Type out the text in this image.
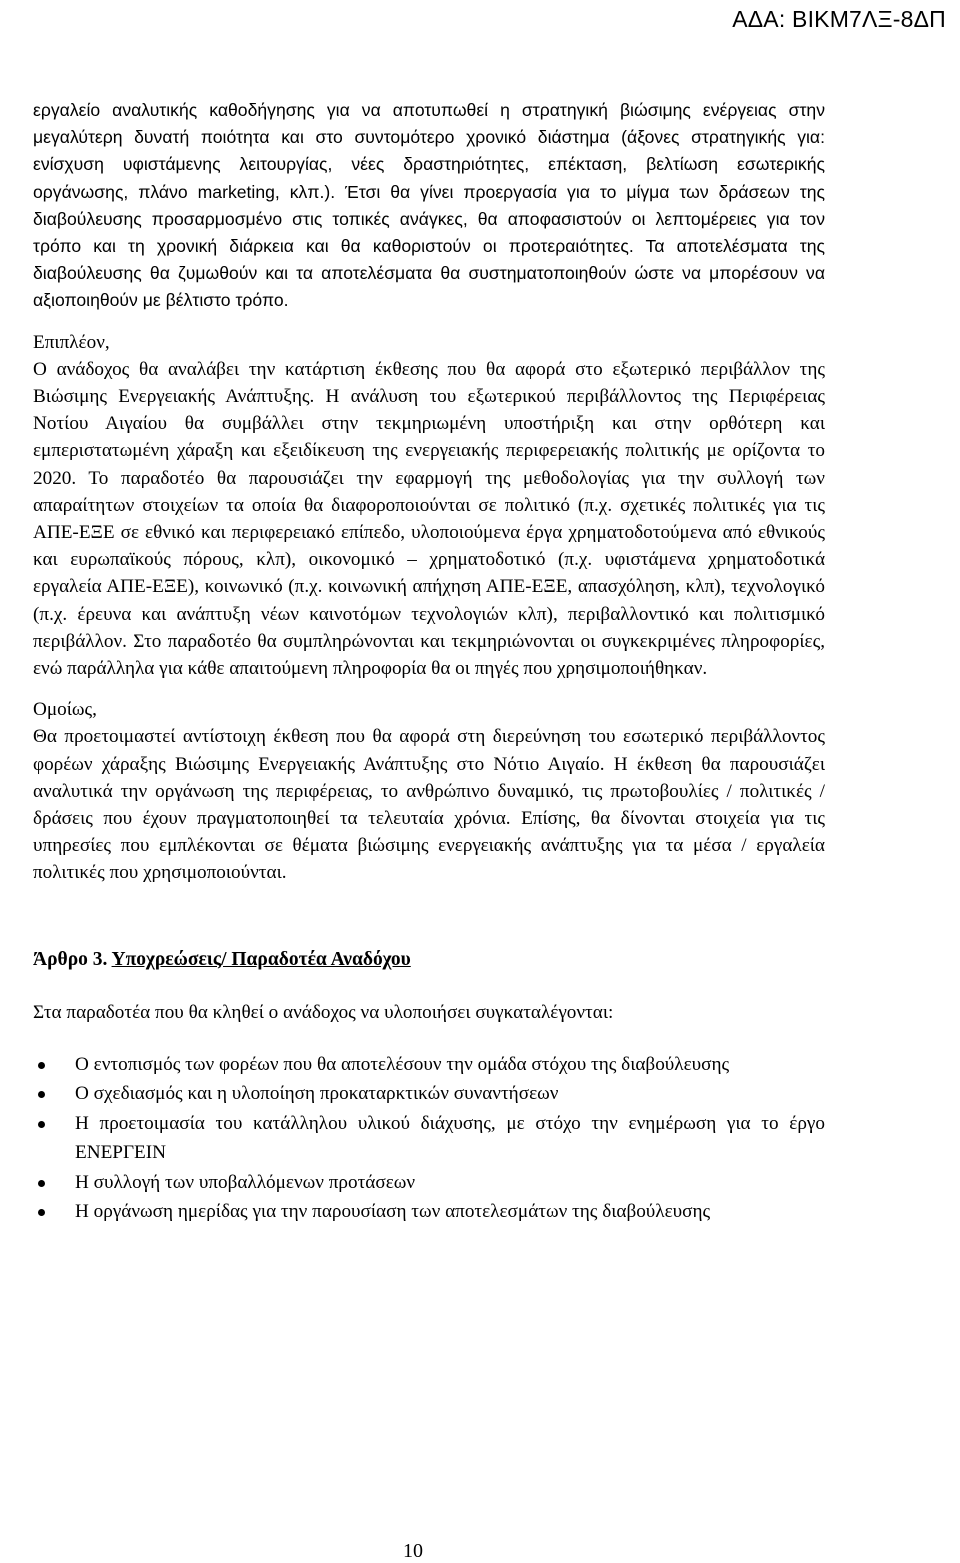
ΑΔΑ: ΒΙΚΜ7ΛΞ-8ΔΠ

εργαλείο αναλυτικής καθοδήγησης για να αποτυπωθεί η στρατηγική βιώσιμης ενέργειας στην μεγαλύτερη δυνατή ποιότητα και στο συντομότερο χρονικό διάστημα (άξονες στρατηγικής για: ενίσχυση υφιστάμενης λειτουργίας, νέες δραστηριότητες, επέκταση, βελτίωση εσωτερικής οργάνωσης, πλάνο marketing, κλπ.). Έτσι θα γίνει προεργασία για το μίγμα των δράσεων της διαβούλευσης προσαρμοσμένο στις τοπικές ανάγκες, θα αποφασιστούν οι λεπτομέρειες για τον τρόπο και τη χρονική διάρκεια και θα καθοριστούν οι προτεραιότητες. Τα αποτελέσματα της διαβούλευσης θα ζυμωθούν και τα αποτελέσματα θα συστηματοποιηθούν ώστε να μπορέσουν να αξιοποιηθούν με βέλτιστο τρόπο.

Επιπλέον,

Ο ανάδοχος θα αναλάβει την κατάρτιση έκθεσης που θα αφορά στο εξωτερικό περιβάλλον της Βιώσιμης Ενεργειακής Ανάπτυξης. Η ανάλυση του εξωτερικού περιβάλλοντος της Περιφέρειας Νοτίου Αιγαίου θα συμβάλλει στην τεκμηριωμένη υποστήριξη και στην ορθότερη και εμπεριστατωμένη χάραξη και εξειδίκευση της ενεργειακής περιφερειακής πολιτικής με ορίζοντα το 2020. Το παραδοτέο θα παρουσιάζει την εφαρμογή της μεθοδολογίας για την συλλογή των απαραίτητων στοιχείων τα οποία θα διαφοροποιούνται σε πολιτικό (π.χ. σχετικές πολιτικές για τις ΑΠΕ-ΕΞΕ σε εθνικό και περιφερειακό επίπεδο, υλοποιούμενα έργα χρηματοδοτούμενα από εθνικούς και ευρωπαϊκούς πόρους, κλπ), οικονομικό – χρηματοδοτικό (π.χ. υφιστάμενα χρηματοδοτικά εργαλεία ΑΠΕ-ΕΞΕ), κοινωνικό (π.χ. κοινωνική απήχηση ΑΠΕ-ΕΞΕ, απασχόληση, κλπ), τεχνολογικό (π.χ. έρευνα και ανάπτυξη νέων καινοτόμων τεχνολογιών κλπ), περιβαλλοντικό και πολιτισμικό περιβάλλον. Στο παραδοτέο θα συμπληρώνονται και τεκμηριώνονται οι συγκεκριμένες πληροφορίες, ενώ παράλληλα για κάθε απαιτούμενη πληροφορία θα οι πηγές που χρησιμοποιήθηκαν.

Ομοίως,

Θα προετοιμαστεί αντίστοιχη έκθεση που θα αφορά στη διερεύνηση του εσωτερικό περιβάλλοντος φορέων χάραξης Βιώσιμης Ενεργειακής Ανάπτυξης στο Νότιο Αιγαίο. Η έκθεση θα παρουσιάζει αναλυτικά την οργάνωση της περιφέρειας, το ανθρώπινο δυναμικό, τις πρωτοβουλίες / πολιτικές / δράσεις που έχουν πραγματοποιηθεί τα τελευταία χρόνια. Επίσης, θα δίνονται στοιχεία για τις υπηρεσίες που εμπλέκονται σε θέματα βιώσιμης ενεργειακής ανάπτυξης για τα μέσα / εργαλεία πολιτικές που χρησιμοποιούνται.

Άρθρο 3. Υποχρεώσεις/ Παραδοτέα Αναδόχου

Στα παραδοτέα που θα κληθεί ο ανάδοχος να υλοποιήσει συγκαταλέγονται:

Ο εντοπισμός των φορέων που θα αποτελέσουν την ομάδα στόχου της διαβούλευσης
Ο σχεδιασμός και η υλοποίηση προκαταρκτικών συναντήσεων
Η προετοιμασία του κατάλληλου υλικού διάχυσης, με στόχο την ενημέρωση για το έργο ΕΝΕΡΓΕΙΝ
Η συλλογή των υποβαλλόμενων προτάσεων
Η οργάνωση ημερίδας για την παρουσίαση των αποτελεσμάτων της διαβούλευσης
10
